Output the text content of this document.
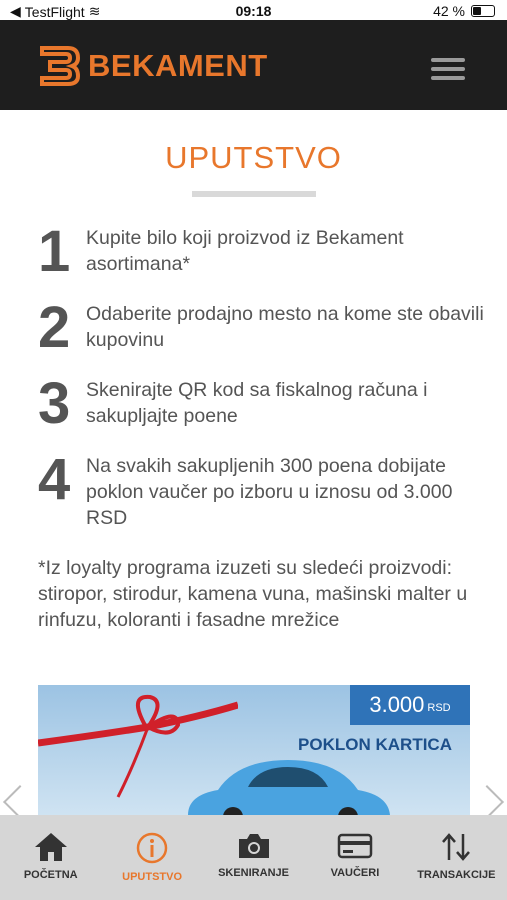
◀ TestFlight ≋	09:18	42 %
BEKAMENT
UPUTSTVO
1 Kupite bilo koji proizvod iz Bekament asortimana*
2 Odaberite prodajno mesto na kome ste obavili kupovinu
3 Skenirajte QR kod sa fiskalnog računa i sakupljajte poene
4 Na svakih sakupljenih 300 poena dobijate poklon vaučer po izboru u iznosu od 3.000 RSD
*Iz loyalty programa izuzeti su sledeći proizvodi: stiropor, stirodur, kamena vuna, mašinski malter u rinfuzu, koloranti i fasadne mrežice
3.000 RSD
POKLON KARTICA
POČETNA	UPUTSTVO	SKENIRANJE	VAUČERI	TRANSAKCIJE
